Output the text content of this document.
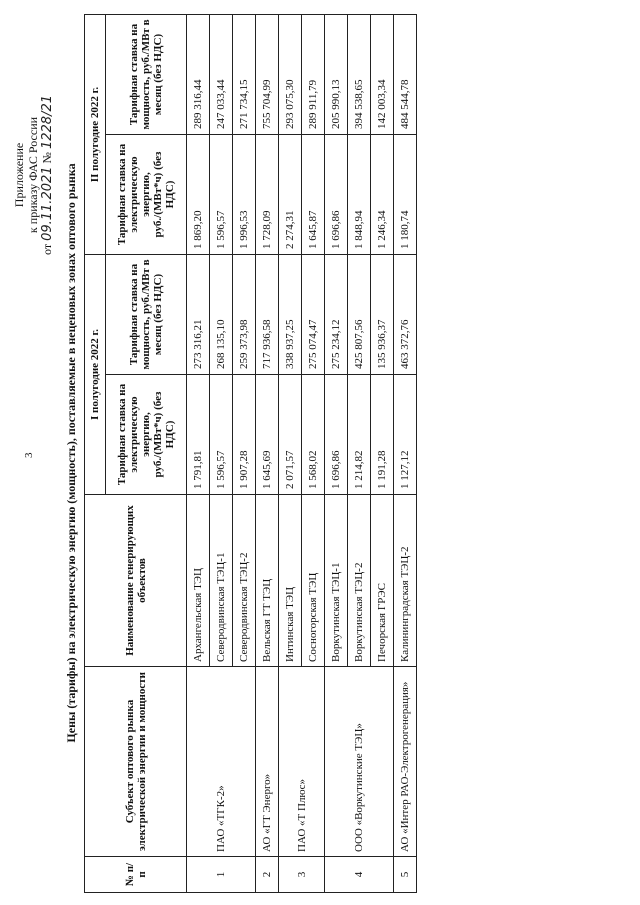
3
Приложение к приказу ФАС России
от 09.11.2021 № 1228/21
Цены (тарифы) на электрическую энергию (мощность), поставляемые в неценовых зонах оптового рынка
№ п/п	Субъект оптового рынка электрической энергии и мощности	Наименование генерирующих объектов	I полугодие 2022 г.		II полугодие 2022 г.	
			Тарифная ставка на электрическую энергию, руб./(МВт*ч) (без НДС)	Тарифная ставка на мощность, руб./МВт в месяц (без НДС)	Тарифная ставка на электрическую энергию, руб./(МВт*ч) (без НДС)	Тарифная ставка на мощность, руб./МВт в месяц (без НДС)
1	ПАО «ТГК-2»	Архангельская ТЭЦ	1 791,81	273 316,21	1 869,20	289 316,44
		Северодвинская ТЭЦ-1	1 596,57	268 135,10	1 596,57	247 033,44
		Северодвинская ТЭЦ-2	1 907,28	259 373,98	1 996,53	271 734,15
2	АО «ГТ Энерго»	Вельская ГТ ТЭЦ	1 645,69	717 936,58	1 728,09	755 704,99
3	ПАО «Т Плюс»	Интинская ТЭЦ	2 071,57	338 937,25	2 274,31	293 075,30
		Сосногорская ТЭЦ	1 568,02	275 074,47	1 645,87	289 911,79
4	ООО «Воркутинские ТЭЦ»	Воркутинская ТЭЦ-1	1 696,86	275 234,12	1 696,86	205 990,13
		Воркутинская ТЭЦ-2	1 214,82	425 807,56	1 848,94	394 538,65
		Печорская ГРЭС	1 191,28	135 936,37	1 246,34	142 003,34
5	АО «Интер РАО-Электрогенерация»	Калининградская ТЭЦ-2	1 127,12	463 372,76	1 180,74	484 544,78
